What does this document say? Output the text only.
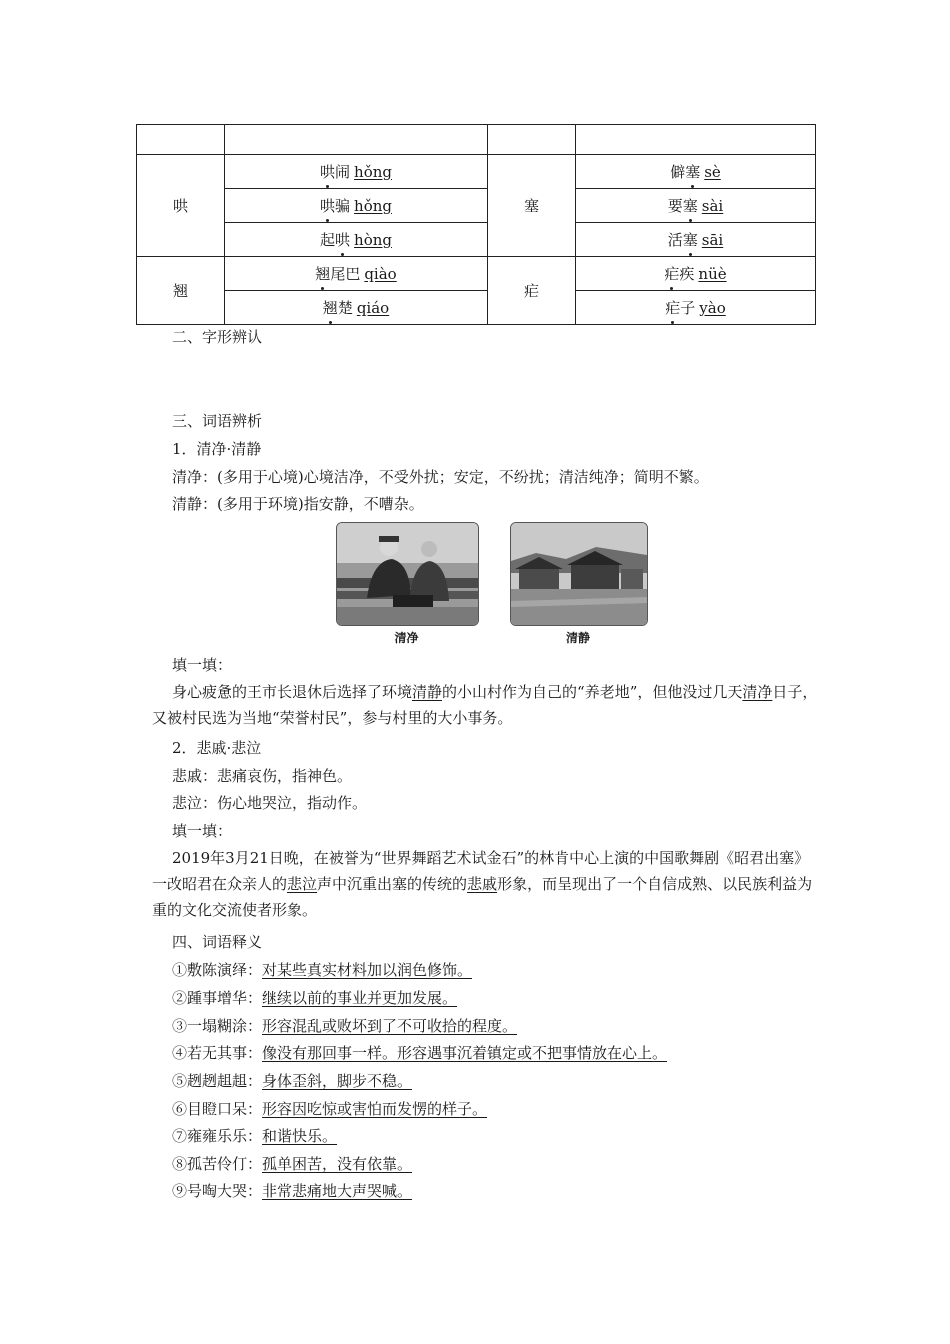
哄	哄闹 hǒng	塞	僻塞 sè
	哄骗 hǒng		要塞 sài
	起哄 hòng		活塞 sāi
翘	翘尾巴 qiào	疟	疟疾 nüè
	翘楚 qiáo		疟子 yào
二、字形辨认
三、词语辨析
1．清净·清静
清净：(多用于心境)心境洁净，不受外扰；安定，不纷扰；清洁纯净；简明不繁。
清静：(多用于环境)指安静，不嘈杂。
清净	清静
填一填：
身心疲惫的王市长退休后选择了环境清静的小山村作为自己的“养老地”，但他没过几天清净日子，又被村民选为当地“荣誉村民”，参与村里的大小事务。
2．悲戚·悲泣
悲戚：悲痛哀伤，指神色。
悲泣：伤心地哭泣，指动作。
填一填：
2019年3月21日晚，在被誉为“世界舞蹈艺术试金石”的林肯中心上演的中国歌舞剧《昭君出塞》一改昭君在众亲人的悲泣声中沉重出塞的传统的悲戚形象，而呈现出了一个自信成熟、以民族利益为重的文化交流使者形象。
四、词语释义
①敷陈演绎：对某些真实材料加以润色修饰。
②踵事增华：继续以前的事业并更加发展。
③一塌糊涂：形容混乱或败坏到了不可收拾的程度。
④若无其事：像没有那回事一样。形容遇事沉着镇定或不把事情放在心上。
⑤趔趔趄趄：身体歪斜，脚步不稳。
⑥目瞪口呆：形容因吃惊或害怕而发愣的样子。
⑦雍雍乐乐：和谐快乐。
⑧孤苦伶仃：孤单困苦，没有依靠。
⑨号啕大哭：非常悲痛地大声哭喊。
